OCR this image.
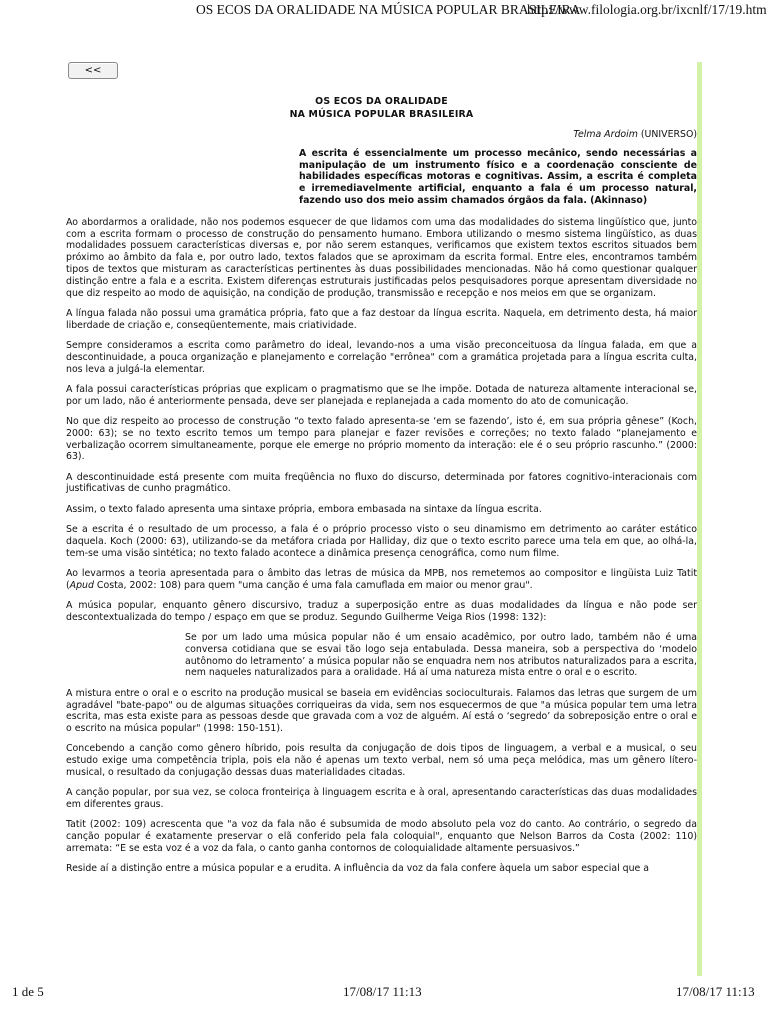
OS ECOS DA ORALIDADE NA MÚSICA POPULAR BRASILEIRA
http://www.filologia.org.br/ixcnlf/17/19.htm
<<
OS ECOS DA ORALIDADE
NA MÚSICA POPULAR BRASILEIRA
Telma Ardoim (UNIVERSO)
A escrita é essencialmente um processo mecânico, sendo necessárias a manipulação de um instrumento físico e a coordenação consciente de habilidades específicas motoras e cognitivas. Assim, a escrita é completa e irremediavelmente artificial, enquanto a fala é um processo natural, fazendo uso dos meio assim chamados órgãos da fala. (Akinnaso)

Ao abordarmos a oralidade, não nos podemos esquecer de que lidamos com uma das modalidades do sistema lingüístico que, junto com a escrita formam o processo de construção do pensamento humano. Embora utilizando o mesmo sistema lingüístico, as duas modalidades possuem características diversas e, por não serem estanques, verificamos que existem textos escritos situados bem próximo ao âmbito da fala e, por outro lado, textos falados que se aproximam da escrita formal. Entre eles, encontramos também tipos de textos que misturam as características pertinentes às duas possibilidades mencionadas. Não há como questionar qualquer distinção entre a fala e a escrita. Existem diferenças estruturais justificadas pelos pesquisadores porque apresentam diversidade no que diz respeito ao modo de aquisição, na condição de produção, transmissão e recepção e nos meios em que se organizam.

A língua falada não possui uma gramática própria, fato que a faz destoar da língua escrita. Naquela, em detrimento desta, há maior liberdade de criação e, conseqüentemente, mais criatividade.

Sempre consideramos a escrita como parâmetro do ideal, levando-nos a uma visão preconceituosa da língua falada, em que a descontinuidade, a pouca organização e planejamento e correlação "errônea" com a gramática projetada para a língua escrita culta, nos leva a julgá-la elementar.

A fala possui características próprias que explicam o pragmatismo que se lhe impõe. Dotada de natureza altamente interacional se, por um lado, não é anteriormente pensada, deve ser planejada e replanejada a cada momento do ato de comunicação.

No que diz respeito ao processo de construção “o texto falado apresenta-se ‘em se fazendo’, isto é, em sua própria gênese” (Koch, 2000: 63); se no texto escrito temos um tempo para planejar e fazer revisões e correções; no texto falado “planejamento e verbalização ocorrem simultaneamente, porque ele emerge no próprio momento da interação: ele é o seu próprio rascunho.” (2000: 63).

A descontinuidade está presente com muita freqüência no fluxo do discurso, determinada por fatores cognitivo-interacionais com justificativas de cunho pragmático.

Assim, o texto falado apresenta uma sintaxe própria, embora embasada na sintaxe da língua escrita.

Se a escrita é o resultado de um processo, a fala é o próprio processo visto o seu dinamismo em detrimento ao caráter estático daquela. Koch (2000: 63), utilizando-se da metáfora criada por Halliday, diz que o texto escrito parece uma tela em que, ao olhá-la, tem-se uma visão sintética; no texto falado acontece a dinâmica presença cenográfica, como num filme.

Ao levarmos a teoria apresentada para o âmbito das letras de música da MPB, nos remetemos ao compositor e lingüista Luiz Tatit (Apud Costa, 2002: 108) para quem "uma canção é uma fala camuflada em maior ou menor grau".

A música popular, enquanto gênero discursivo, traduz a superposição entre as duas modalidades da língua e não pode ser descontextualizada do tempo / espaço em que se produz. Segundo Guilherme Veiga Rios (1998: 132):

Se por um lado uma música popular não é um ensaio acadêmico, por outro lado, também não é uma conversa cotidiana que se esvai tão logo seja entabulada. Dessa maneira, sob a perspectiva do ‘modelo autônomo do letramento’ a música popular não se enquadra nem nos atributos naturalizados para a escrita, nem naqueles naturalizados para a oralidade. Há aí uma natureza mista entre o oral e o escrito.

A mistura entre o oral e o escrito na produção musical se baseia em evidências socioculturais. Falamos das letras que surgem de um agradável "bate-papo" ou de algumas situações corriqueiras da vida, sem nos esquecermos de que "a música popular tem uma letra escrita, mas esta existe para as pessoas desde que gravada com a voz de alguém. Aí está o ‘segredo’ da sobreposição entre o oral e o escrito na música popular" (1998: 150-151).

Concebendo a canção como gênero híbrido, pois resulta da conjugação de dois tipos de linguagem, a verbal e a musical, o seu estudo exige uma competência tripla, pois ela não é apenas um texto verbal, nem só uma peça melódica, mas um gênero lítero-musical, o resultado da conjugação dessas duas materialidades citadas.

A canção popular, por sua vez, se coloca fronteiriça à linguagem escrita e à oral, apresentando características das duas modalidades em diferentes graus.

Tatit (2002: 109) acrescenta que "a voz da fala não é subsumida de modo absoluto pela voz do canto. Ao contrário, o segredo da canção popular é exatamente preservar o elã conferido pela fala coloquial", enquanto que Nelson Barros da Costa (2002: 110) arremata: “E se esta voz é a voz da fala, o canto ganha contornos de coloquialidade altamente persuasivos.”

Reside aí a distinção entre a música popular e a erudita. A influência da voz da fala confere àquela um sabor especial que a

1 de 5	17/08/17 11:13	17/08/17 11:13
